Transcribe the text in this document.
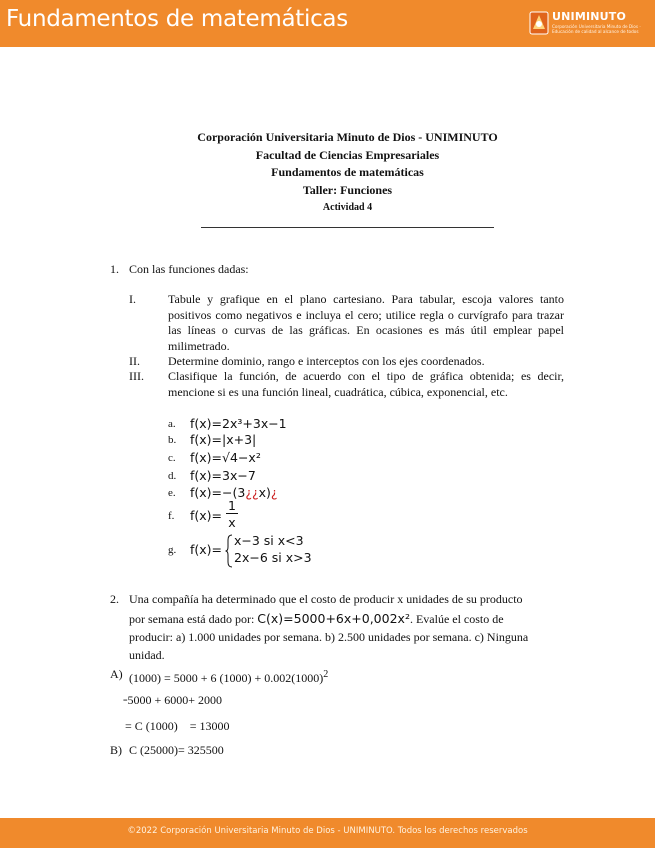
Fundamentos de matemáticas	UNIMINUTO
Corporación Universitaria Minuto de Dios · Educación de calidad al alcance de todos
Corporación Universitaria Minuto de Dios - UNIMINUTO
Facultad de Ciencias Empresariales
Fundamentos de matemáticas
Taller: Funciones
Actividad 4
1. Con las funciones dadas:
I.	Tabule y grafique en el plano cartesiano. Para tabular, escoja valores tanto positivos como negativos e incluya el cero; utilice regla o curvígrafo para trazar las líneas o curvas de las gráficas. En ocasiones es más útil emplear papel milimetrado.
II. Determine dominio, rango e interceptos con los ejes coordenados.
III. Clasifique la función, de acuerdo con el tipo de gráfica obtenida; es decir, mencione si es una función lineal, cuadrática, cúbica, exponencial, etc.
a. f(x)=2x³+3x−1
b. f(x)=|x+3|
c. f(x)=√4−x²
d. f(x)=3x−7
e. f(x)=−(3¿¿x)¿
f. f(x)=
1
x
g. f(x)=
x−3 si x<3
2x−6 si x>3
2. Una compañía ha determinado que el costo de producir x unidades de su producto
por semana está dado por: C(x)=5000+6x+0,002x². Evalúe el costo de
producir: a) 1.000 unidades por semana. b) 2.500 unidades por semana. c) Ninguna
unidad.
A) (1000) = 5000 + 6 $(1000) + 0.002(1000)^2$
=5000 + 6000+ 2000
= C (1000)    = 13000
B) C (25000)= 325500
©2022 Corporación Universitaria Minuto de Dios - UNIMINUTO. Todos los derechos reservados
